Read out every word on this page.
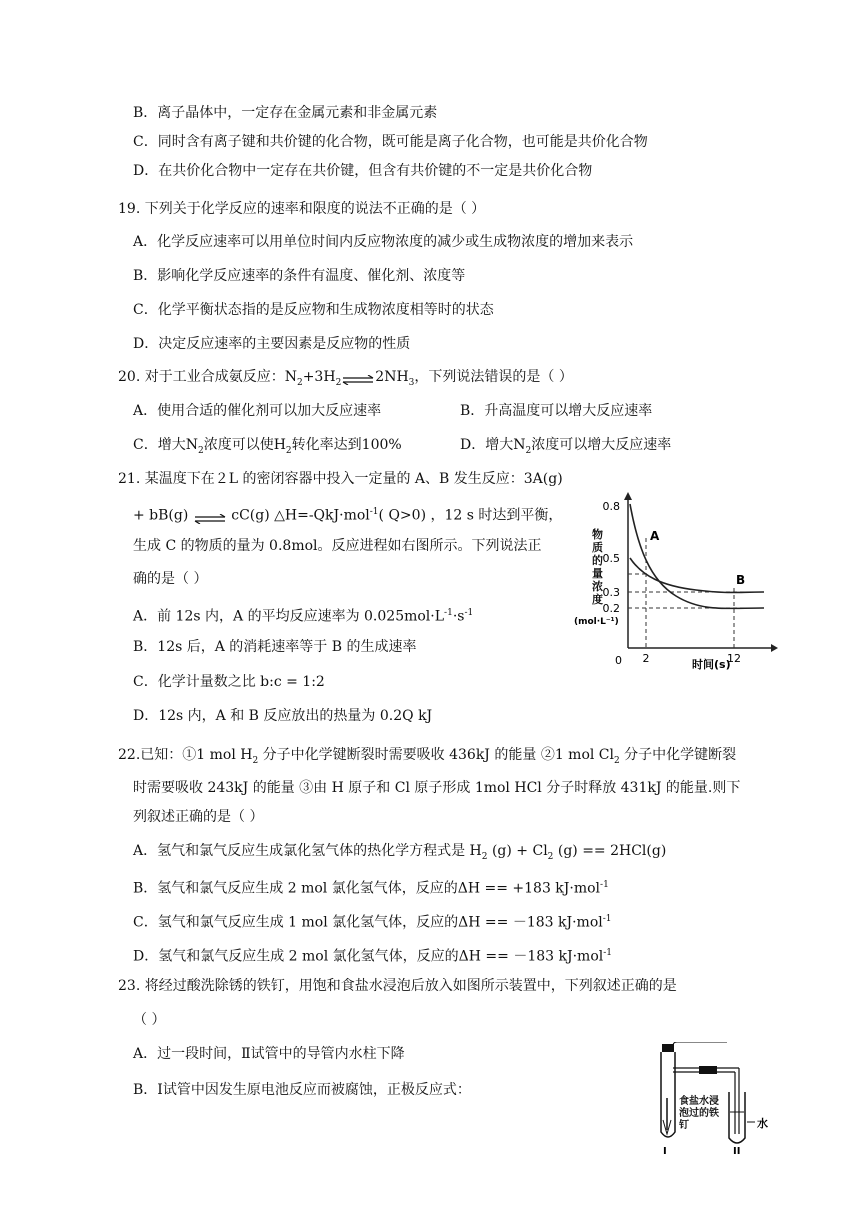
B．离子晶体中，一定存在金属元素和非金属元素
C．同时含有离子键和共价键的化合物，既可能是离子化合物，也可能是共价化合物
D．在共价化合物中一定存在共价键，但含有共价键的不一定是共价化合物
19. 下列关于化学反应的速率和限度的说法不正确的是（ ）
A．化学反应速率可以用单位时间内反应物浓度的减少或生成物浓度的增加来表示
B．影响化学反应速率的条件有温度、催化剂、浓度等
C．化学平衡状态指的是反应物和生成物浓度相等时的状态
D．决定反应速率的主要因素是反应物的性质
20. 对于工业合成氨反应：$N_2+3H_2$ $\rightleftharpoons 2NH_3$，下列说法错误的是（ ）
A．使用合适的催化剂可以加大反应速率	B．升高温度可以增大反应速率
C．增大$N_2$浓度可以使$H_2$转化率达到100%	D．增大$N_2$浓度可以增大反应速率
21. 某温度下在２L 的密闭容器中投入一定量的 A、B 发生反应：3A(g)
+ bB(g) ⇌ cC(g) △H=-QkJ·mol$^{-1}$( Q>0) ，12 s 时达到平衡，
生成 C 的物质的量为 0.8mol。反应进程如右图所示。下列说法正
确的是（ ）
A．前 12s 内，A 的平均反应速率为 $0.025mol\cdot L^{-1}\cdot s^{-1}$
B．12s 后，A 的消耗速率等于 B 的生成速率
C．化学计量数之比 b:c = 1:2
D．12s 内，A 和 B 反应放出的热量为 0.2Q kJ
0.8
0.5
0.3
0.2
0 2	12
A
B
时间(s)
(mol·L⁻¹)
物质的量浓度
22.已知：①1 mol $H_2$ 分子中化学键断裂时需要吸收 436kJ 的能量 ②1 mol $Cl_2$ 分子中化学键断裂
时需要吸收 243kJ 的能量 ③由 H 原子和 Cl 原子形成 1mol HCl 分子时释放 431kJ 的能量.则下
列叙述正确的是（ ）
A．氢气和氯气反应生成氯化氢气体的热化学方程式是 $H_2$ $(g) + Cl_2$ (g) == 2HCl(g)
B．氢气和氯气反应生成 2 mol 氯化氢气体，反应的ΔH == +183 kJ·mol$^{-1}$
C．氢气和氯气反应生成 1 mol 氯化氢气体，反应的ΔH == －183 kJ·mol$^{-1}$
D．氢气和氯气反应生成 2 mol 氯化氢气体，反应的ΔH == －183 kJ·mol$^{-1}$
23. 将经过酸洗除锈的铁钉，用饱和食盐水浸泡后放入如图所示装置中，下列叙述正确的是
（ ）
A．过一段时间，Ⅱ试管中的导管内水柱下降
B．Ⅰ试管中因发生原电池反应而被腐蚀，正极反应式：
水
I	II
食盐水浸泡过的铁钉
